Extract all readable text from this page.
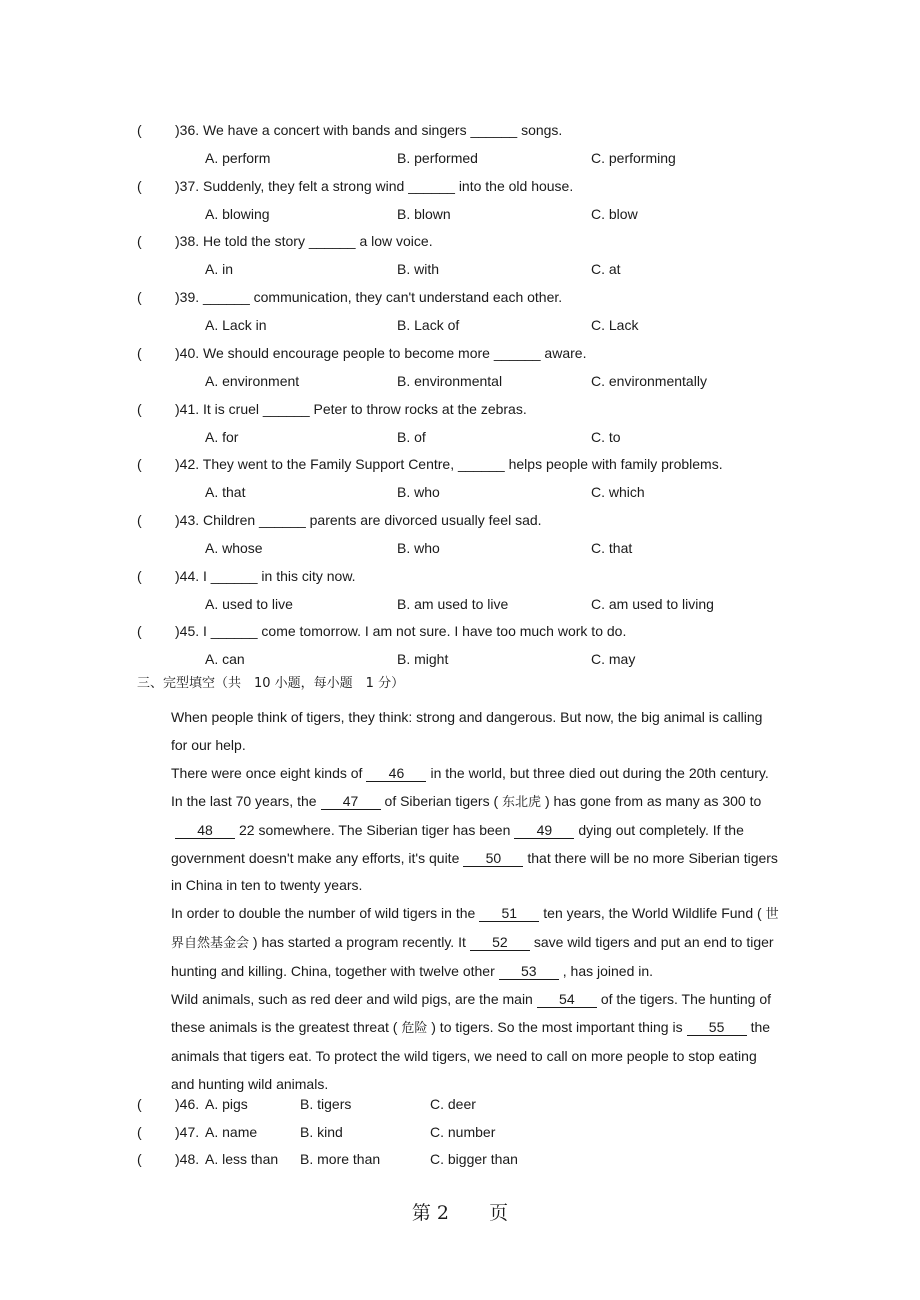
( )36. We have a concert with bands and singers ______ songs.
A. perform	B. performed	C. performing
( )37. Suddenly, they felt a strong wind ______ into the old house.
A. blowing	B. blown	C. blow
( )38. He told the story ______ a low voice.
A. in	B. with	C. at
( )39. ______ communication, they can't understand each other.
A. Lack in	B. Lack of	C. Lack
( )40. We should encourage people to become more ______ aware.
A. environment	B. environmental	C. environmentally
( )41. It is cruel ______ Peter to throw rocks at the zebras.
A. for	B. of	C. to
( )42. They went to the Family Support Centre, ______ helps people with family problems.
A. that	B. who	C. which
( )43. Children ______ parents are divorced usually feel sad.
A. whose	B. who	C. that
( )44. I ______ in this city now.
A. used to live	B. am used to live	C. am used to living
( )45. I ______ come tomorrow. I am not sure. I have too much work to do.
A. can	B. might	C. may
三、完型填空（共　10 小题，每小题　1 分）

When people think of tigers, they think: strong and dangerous. But now, the big animal is calling for our help.

There were once eight kinds of 46 in the world, but three died out during the 20th century. In the last 70 years, the 47 of Siberian tigers ( 东北虎 ) has gone from as many as 300 to48 22 somewhere. The Siberian tiger has been 49 dying out completely. If the government doesn't make any efforts, it's quite 50 that there will be no more Siberian tigers in China in ten to twenty years.

In order to double the number of wild tigers in the 51 ten years, the World Wildlife Fund ( 世界自然基金会 ) has started a program recently. It 52 save wild tigers and put an end to tiger hunting and killing. China, together with twelve other 53 , has joined in.

Wild animals, such as red deer and wild pigs, are the main 54 of the tigers. The hunting of these animals is the greatest threat ( 危险 ) to tigers. So the most important thing is 55 the animals that tigers eat. To protect the wild tigers, we need to call on more people to stop eating and hunting wild animals.

( )46. A. pigs	B. tigers	C. deer
( )47. A. name	B. kind	C. number
( )48. A. less than B. more than	C. bigger than
第 2 页
